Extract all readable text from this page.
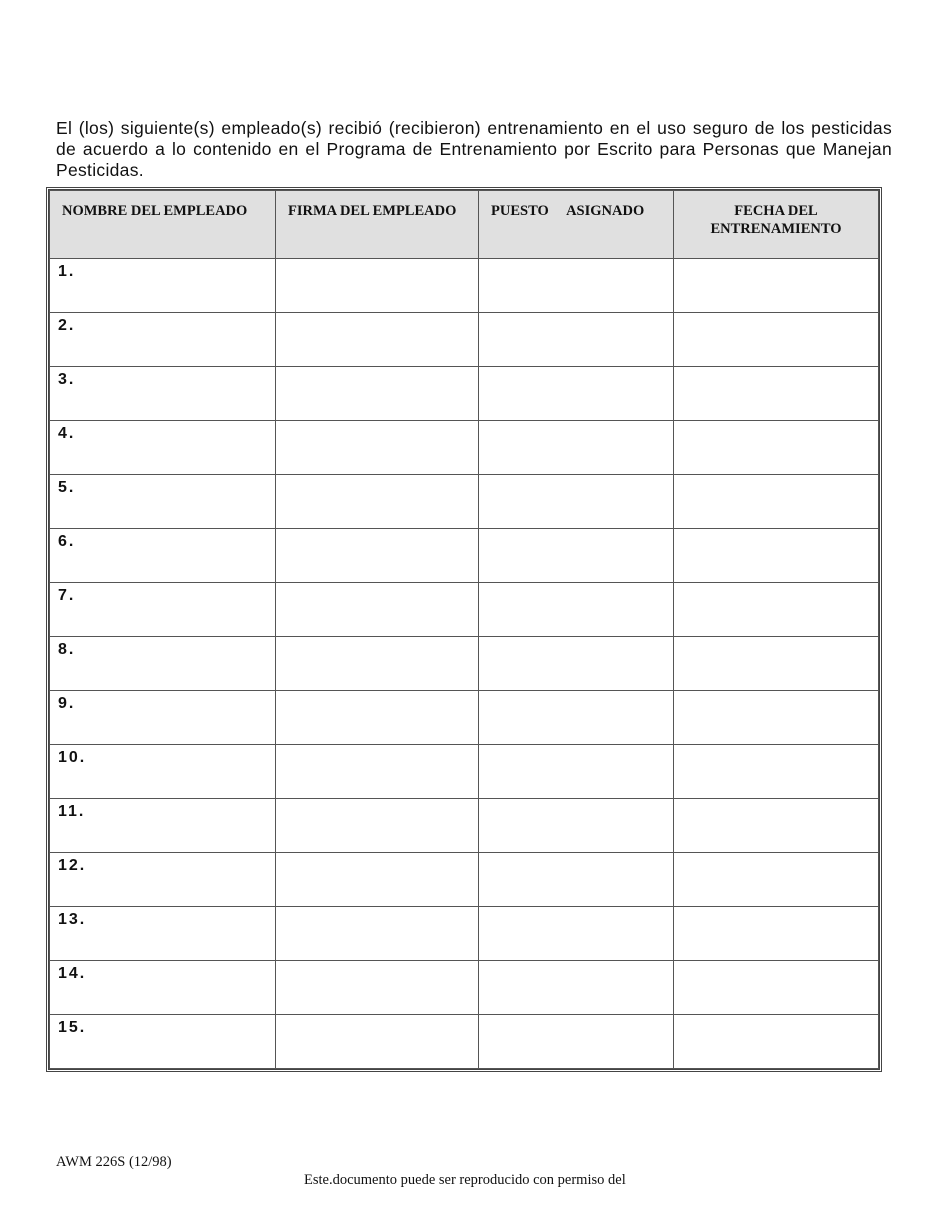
El (los) siguiente(s) empleado(s) recibió (recibieron) entrenamiento en el uso seguro de los pesticidas de acuerdo a lo contenido en el Programa de Entrenamiento por Escrito para Personas que Manejan Pesticidas.

NOMBRE DEL EMPLEADO	FIRMA DEL EMPLEADO	PUESTO     ASIGNADO	FECHA DEL ENTRENAMIENTO
1.			
2.			
3.			
4.			
5.			
6.			
7.			
8.			
9.			
10.			
11.			
12.			
13.			
14.			
15.			
AWM 226S (12/98)
Este.documento puede ser reproducido con permiso del
